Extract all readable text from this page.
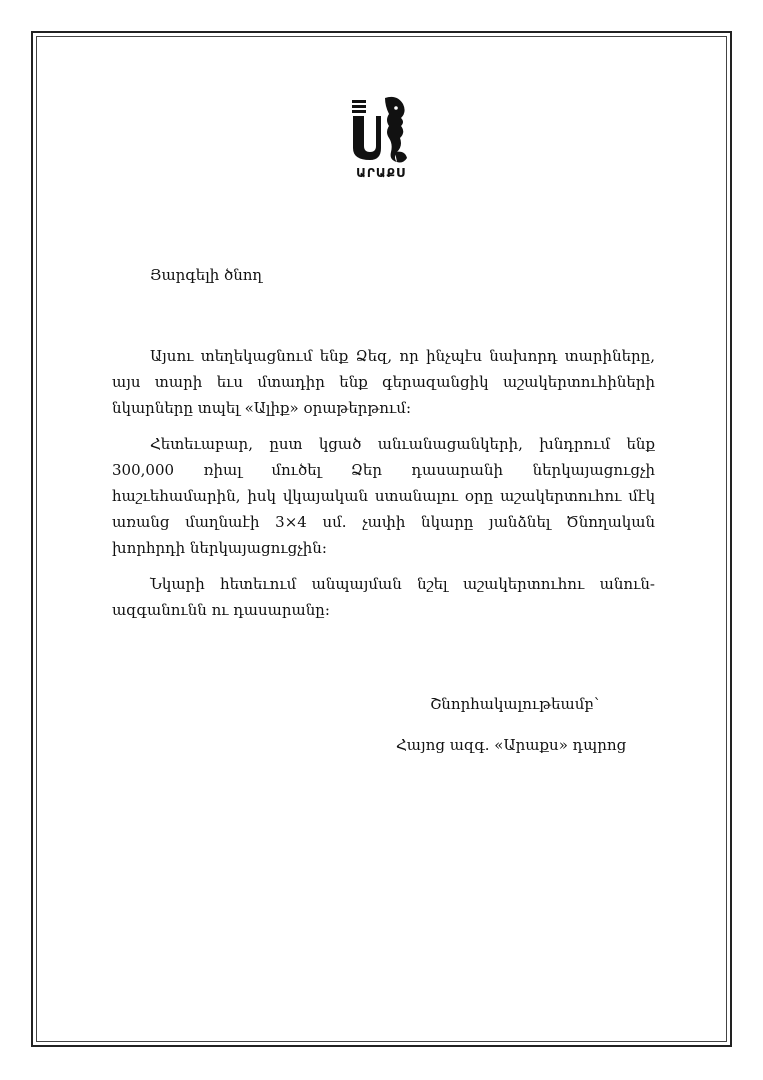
ԱՐԱՔՍ
Յարգելի ծնող

Այսու տեղեկացնում ենք Ձեզ, որ ինչպէս նախորդ տարիները, այս տարի եւս մտադիր ենք գերազանցիկ աշակերտուհիների նկարները տպել «Ալիք» օրաթերթում:

Հետեւաբար, ըստ կցած անւանացանկերի, խնդրում ենք 300,000 ռիալ մուծել Ձեր դասարանի ներկայացուցչի հաշւեհամարին, իսկ վկայական ստանալու օրը աշակերտուհու մէկ առանց մաղնաէի 3×4 սմ. չափի նկարը յանձնել Ծնողական խորհրդի ներկայացուցչին:

Նկարի հետեւում անպայման նշել աշակերտուհու անուն-ազգանունն ու դասարանը:

Շնորհակալութեամբ՝
Հայոց ազգ. «Արաքս» դպրոց
